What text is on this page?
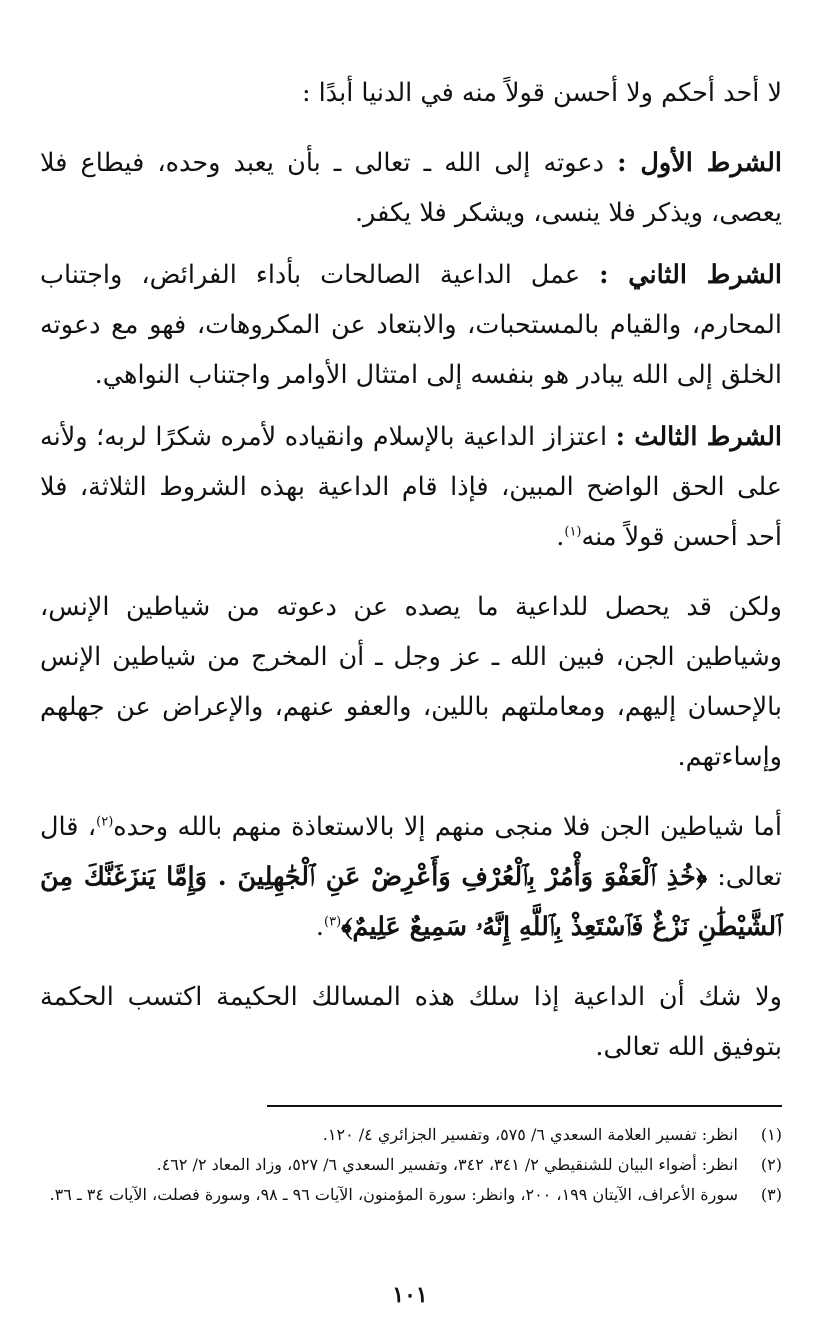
لا أحد أحكم ولا أحسن قولاً منه في الدنيا أبدًا :

الشرط الأول : دعوته إلى الله ـ تعالى ـ بأن يعبد وحده، فيطاع فلا يعصى، ويذكر فلا ينسى، ويشكر فلا يكفر.

الشرط الثاني : عمل الداعية الصالحات بأداء الفرائض، واجتناب المحارم، والقيام بالمستحبات، والابتعاد عن المكروهات، فهو مع دعوته الخلق إلى الله يبادر هو بنفسه إلى امتثال الأوامر واجتناب النواهي.

الشرط الثالث : اعتزاز الداعية بالإسلام وانقياده لأمره شكرًا لربه؛ ولأنه على الحق الواضح المبين، فإذا قام الداعية بهذه الشروط الثلاثة، فلا أحد أحسن قولاً منه$^{(١)}$.

ولكن قد يحصل للداعية ما يصده عن دعوته من شياطين الإنس، وشياطين الجن، فبين الله ـ عز وجل ـ أن المخرج من شياطين الإنس بالإحسان إليهم، ومعاملتهم باللين، والعفو عنهم، والإعراض عن جهلهم وإساءتهم.

أما شياطين الجن فلا منجى منهم إلا بالاستعاذة منهم بالله وحده$^{(٢)}$، قال تعالى: ﴿خُذِ ٱلْعَفْوَ وَأْمُرْ بِٱلْعُرْفِ وَأَعْرِضْ عَنِ ٱلْجَٰهِلِينَ . وَإِمَّا يَنزَغَنَّكَ مِنَ ٱلشَّيْطَٰنِ نَزْغٌ فَٱسْتَعِذْ بِٱللَّهِ إِنَّهُۥ سَمِيعٌ عَلِيمٌ﴾$^{(٣)}$.

ولا شك أن الداعية إذا سلك هذه المسالك الحكيمة اكتسب الحكمة بتوفيق الله تعالى.

(١)
انظر: تفسير العلامة السعدي ٦/ ٥٧٥، وتفسير الجزائري ٤/ ١٢٠.
(٢)
انظر: أضواء البيان للشنقيطي ٢/ ٣٤١، ٣٤٢، وتفسير السعدي ٦/ ٥٢٧، وزاد المعاد ٢/ ٤٦٢.
(٣)
سورة الأعراف، الآيتان ١٩٩، ٢٠٠، وانظر: سورة المؤمنون، الآيات ٩٦ ـ ٩٨، وسورة فصلت، الآيات ٣٤ ـ ٣٦.
١٠١
